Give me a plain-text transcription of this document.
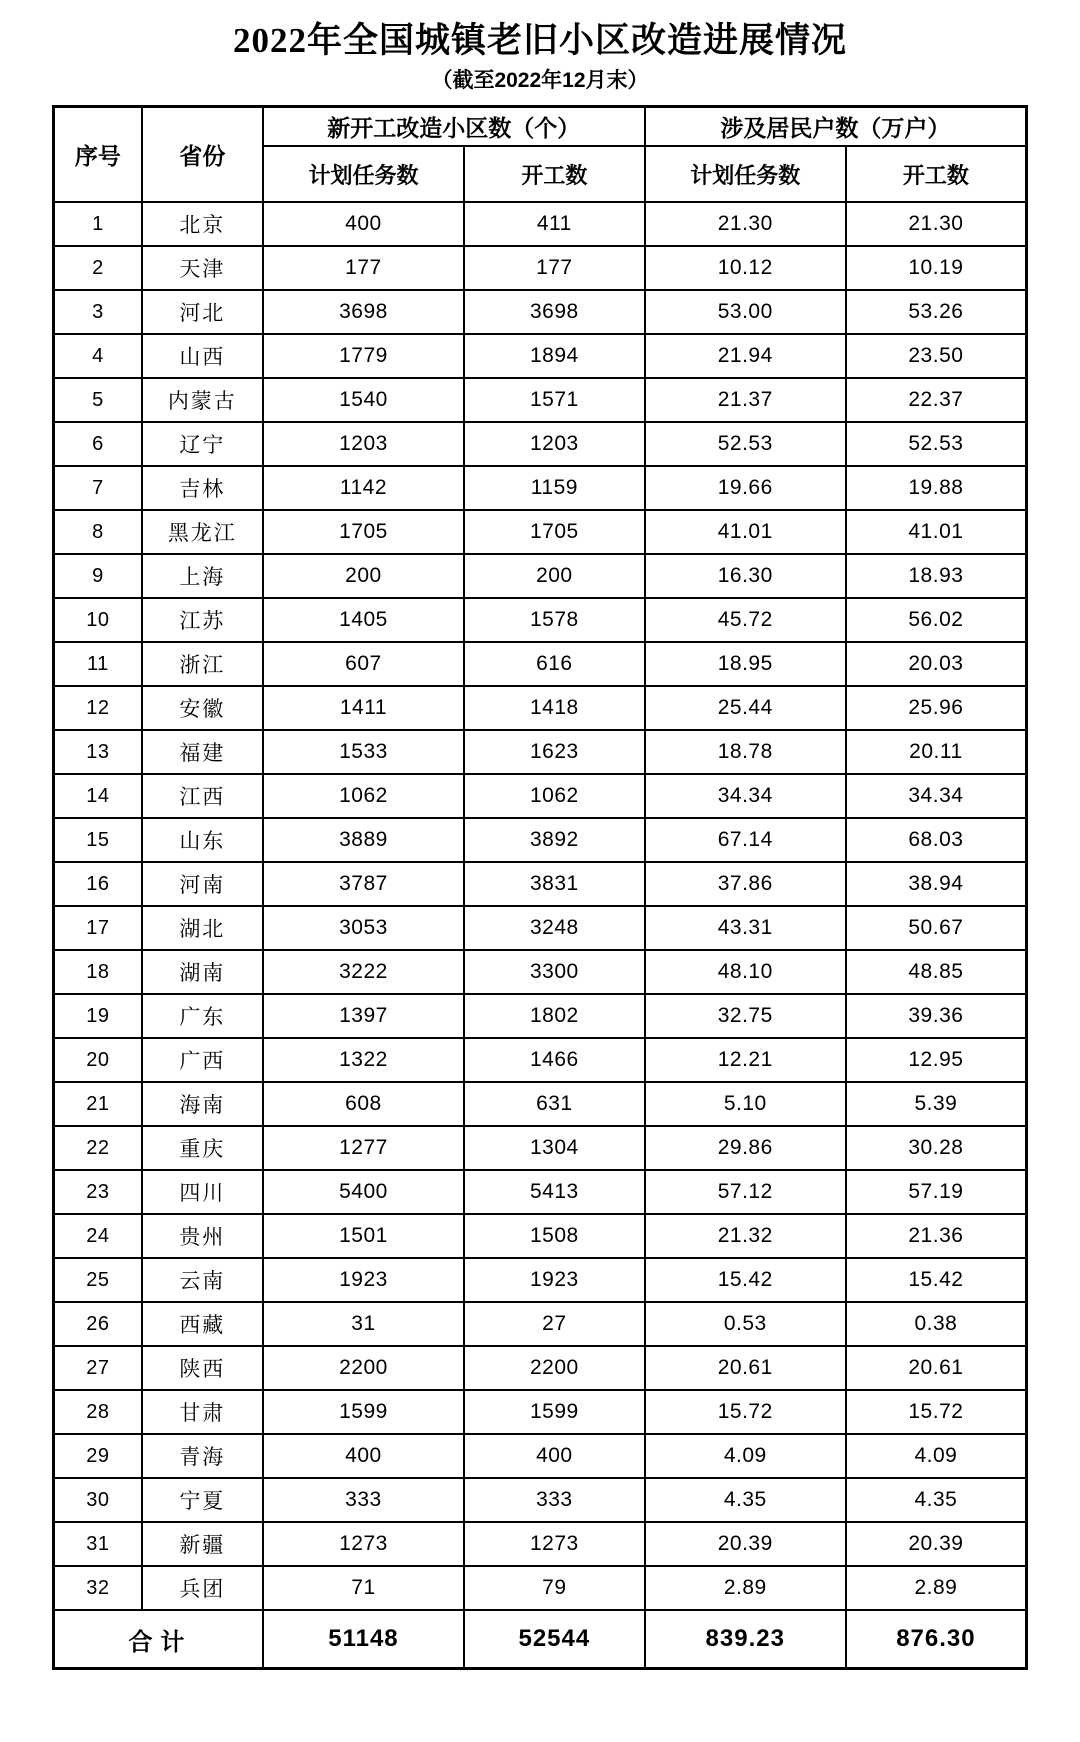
2022年全国城镇老旧小区改造进展情况
（截至2022年12月末）
序号	省份	新开工改造小区数（个）		涉及居民户数（万户）	
		计划任务数	开工数	计划任务数	开工数
1	北京	400	411	21.30	21.30
2	天津	177	177	10.12	10.19
3	河北	3698	3698	53.00	53.26
4	山西	1779	1894	21.94	23.50
5	内蒙古	1540	1571	21.37	22.37
6	辽宁	1203	1203	52.53	52.53
7	吉林	1142	1159	19.66	19.88
8	黑龙江	1705	1705	41.01	41.01
9	上海	200	200	16.30	18.93
10	江苏	1405	1578	45.72	56.02
11	浙江	607	616	18.95	20.03
12	安徽	1411	1418	25.44	25.96
13	福建	1533	1623	18.78	20.11
14	江西	1062	1062	34.34	34.34
15	山东	3889	3892	67.14	68.03
16	河南	3787	3831	37.86	38.94
17	湖北	3053	3248	43.31	50.67
18	湖南	3222	3300	48.10	48.85
19	广东	1397	1802	32.75	39.36
20	广西	1322	1466	12.21	12.95
21	海南	608	631	5.10	5.39
22	重庆	1277	1304	29.86	30.28
23	四川	5400	5413	57.12	57.19
24	贵州	1501	1508	21.32	21.36
25	云南	1923	1923	15.42	15.42
26	西藏	31	27	0.53	0.38
27	陕西	2200	2200	20.61	20.61
28	甘肃	1599	1599	15.72	15.72
29	青海	400	400	4.09	4.09
30	宁夏	333	333	4.35	4.35
31	新疆	1273	1273	20.39	20.39
32	兵团	71	79	2.89	2.89
合计		51148	52544	839.23	876.30
